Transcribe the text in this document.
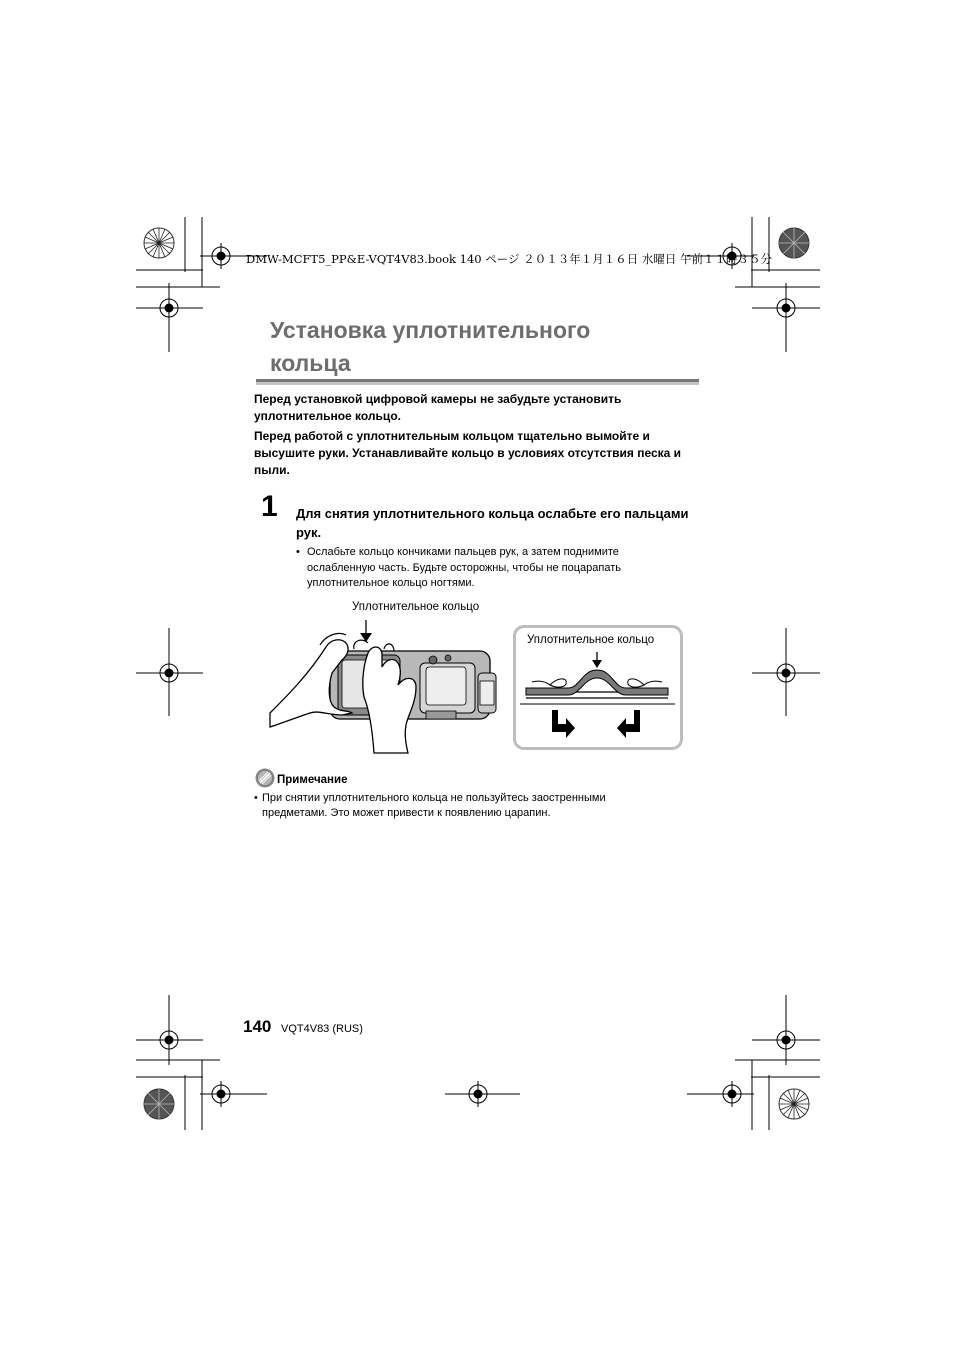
DMW-MCFT5_PP&E-VQT4V83.book 140 ページ ２０１３年１月１６日 水曜日 午前１１時３５分
Установка уплотнительного
кольца
Перед установкой цифровой камеры не забудьте установить уплотнительное кольцо.
Перед работой с уплотнительным кольцом тщательно вымойте и высушите руки. Устанавливайте кольцо в условиях отсутствия песка и пыли.
1 Для снятия уплотнительного кольца ослабьте его пальцами рук.
• Ослабьте кольцо кончиками пальцев рук, а затем поднимите ослабленную часть. Будьте осторожны, чтобы не поцарапать уплотнительное кольцо ногтями.
Уплотнительное кольцо
Уплотнительное кольцо
Примечание
• При снятии уплотнительного кольца не пользуйтесь заостренными предметами. Это может привести к появлению царапин.
140 VQT4V83 (RUS)
